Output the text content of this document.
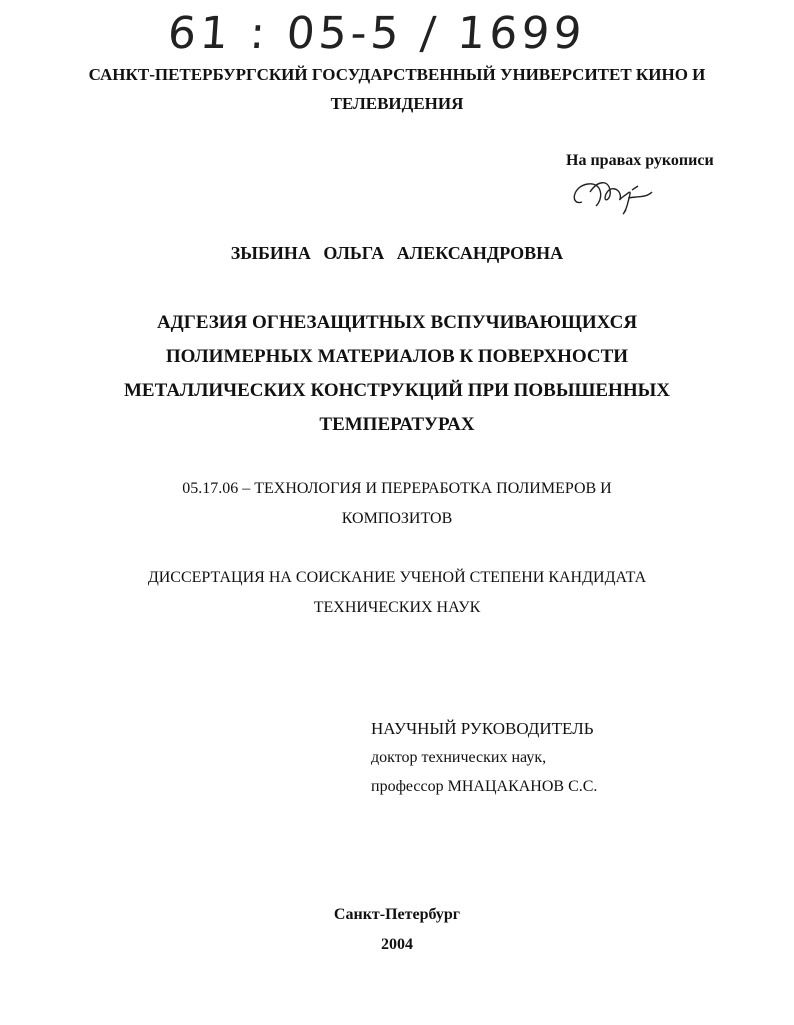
61 : 05-5 / 1699
САНКТ-ПЕТЕРБУРГСКИЙ ГОСУДАРСТВЕННЫЙ УНИВЕРСИТЕТ КИНО И
ТЕЛЕВИДЕНИЯ
На правах рукописи
ЗЫБИНА ОЛЬГА АЛЕКСАНДРОВНА
АДГЕЗИЯ ОГНЕЗАЩИТНЫХ ВСПУЧИВАЮЩИХСЯ
ПОЛИМЕРНЫХ МАТЕРИАЛОВ К ПОВЕРХНОСТИ
МЕТАЛЛИЧЕСКИХ КОНСТРУКЦИЙ ПРИ ПОВЫШЕННЫХ
ТЕМПЕРАТУРАХ
05.17.06 – ТЕХНОЛОГИЯ И ПЕРЕРАБОТКА ПОЛИМЕРОВ И
КОМПОЗИТОВ
ДИССЕРТАЦИЯ НА СОИСКАНИЕ УЧЕНОЙ СТЕПЕНИ КАНДИДАТА
ТЕХНИЧЕСКИХ НАУК
НАУЧНЫЙ РУКОВОДИТЕЛЬ
доктор технических наук,
профессор МНАЦАКАНОВ С.С.
Санкт-Петербург
2004
